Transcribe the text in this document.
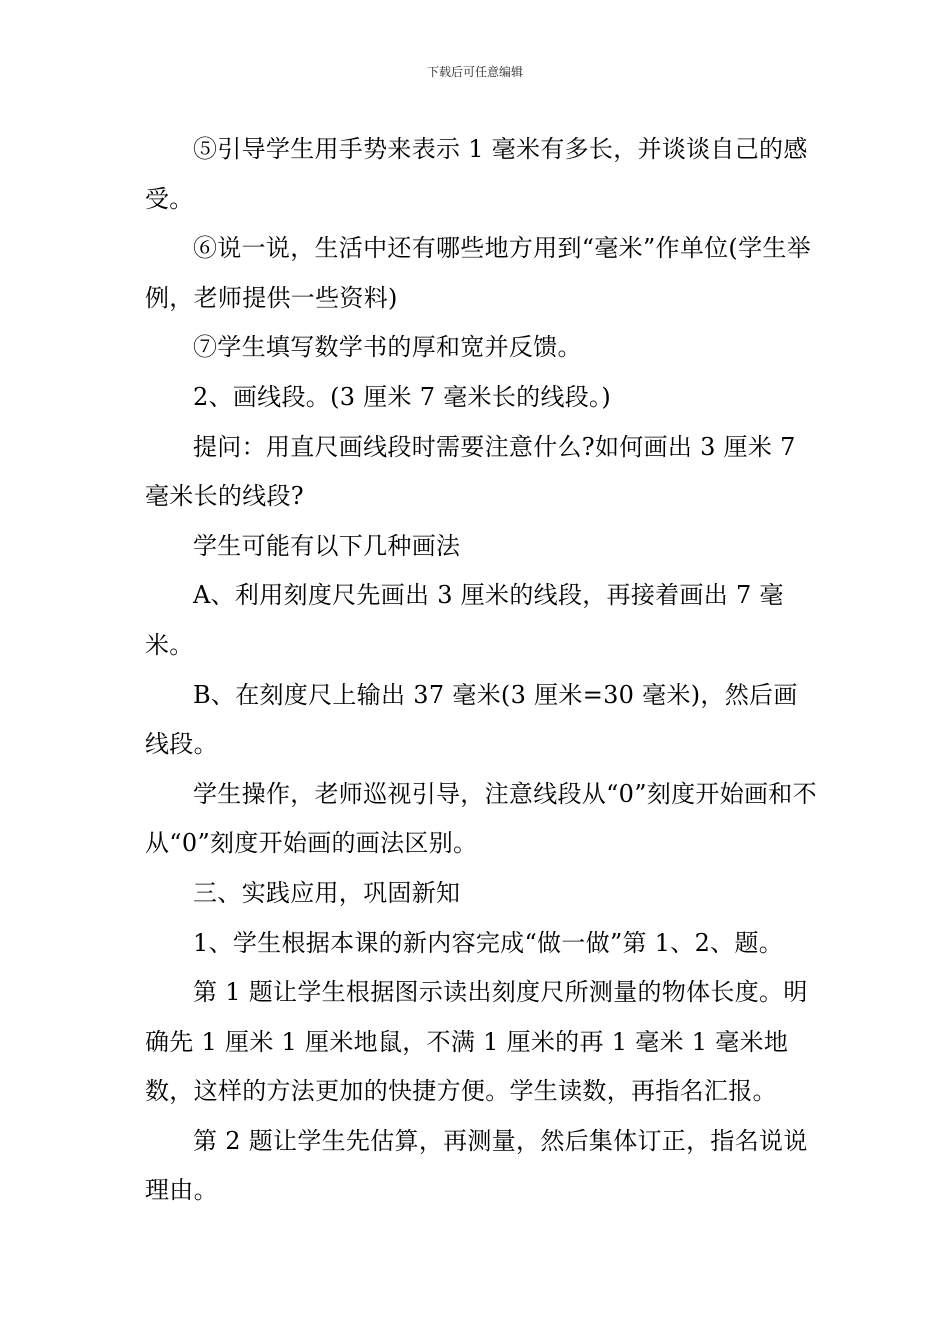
下载后可任意编辑

⑤引导学生用手势来表示 1 毫米有多长，并谈谈自己的感受。

⑥说一说，生活中还有哪些地方用到“毫米”作单位(学生举例，老师提供一些资料)

⑦学生填写数学书的厚和宽并反馈。

2、画线段。(3 厘米 7 毫米长的线段。)

提问：用直尺画线段时需要注意什么?如何画出 3 厘米 7 毫米长的线段?

学生可能有以下几种画法

A、利用刻度尺先画出 3 厘米的线段，再接着画出 7 毫米。

B、在刻度尺上输出 37 毫米(3 厘米=30 毫米)，然后画线段。

学生操作，老师巡视引导，注意线段从“0”刻度开始画和不从“0”刻度开始画的画法区别。

三、实践应用，巩固新知

1、学生根据本课的新内容完成“做一做”第 1、2、题。

第 1 题让学生根据图示读出刻度尺所测量的物体长度。明确先 1 厘米 1 厘米地鼠，不满 1 厘米的再 1 毫米 1 毫米地数，这样的方法更加的快捷方便。学生读数，再指名汇报。

第 2 题让学生先估算，再测量，然后集体订正，指名说说理由。
